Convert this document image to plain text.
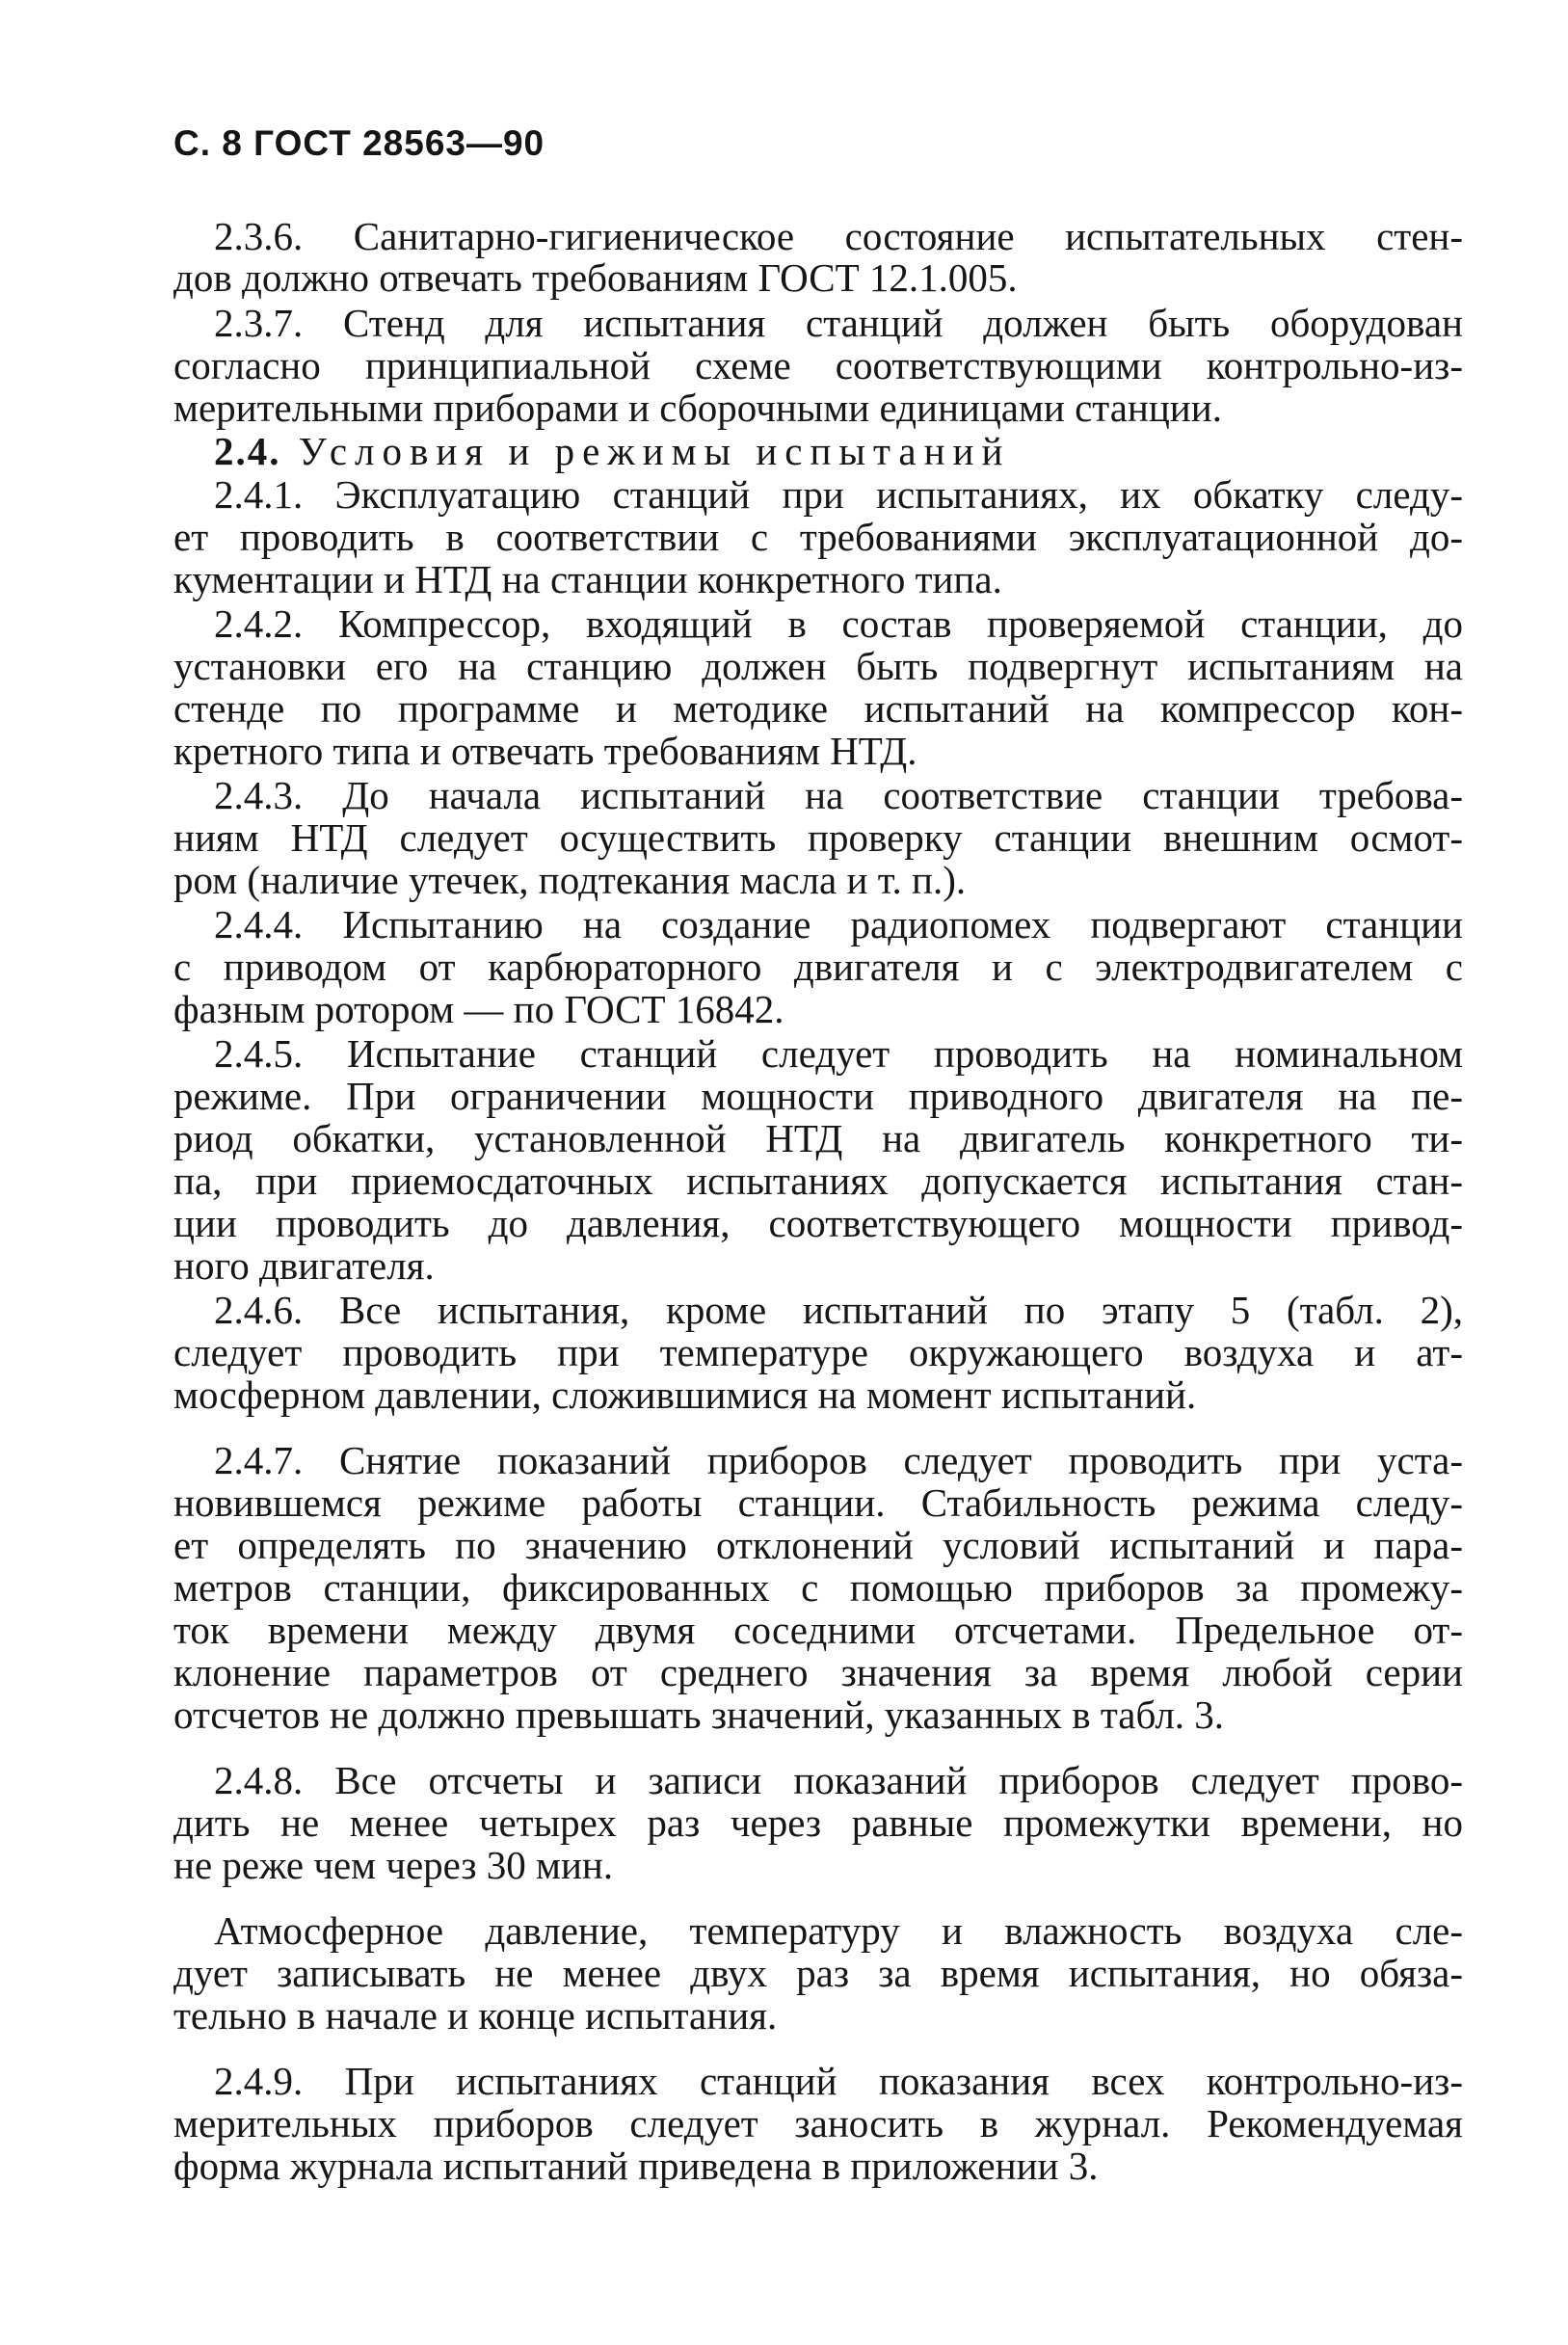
С. 8 ГОСТ 28563—90
2.3.6. Санитарно-гигиеническое состояние испытательных стен-
дов должно отвечать требованиям ГОСТ 12.1.005.
2.3.7. Стенд для испытания станций должен быть оборудован
согласно принципиальной схеме соответствующими контрольно-из-
мерительными приборами и сборочными единицами станции.
2.4. Условия и режимы испытаний
2.4.1. Эксплуатацию станций при испытаниях, их обкатку следу-
ет проводить в соответствии с требованиями эксплуатационной до-
кументации и НТД на станции конкретного типа.
2.4.2. Компрессор, входящий в состав проверяемой станции, до
установки его на станцию должен быть подвергнут испытаниям на
стенде по программе и методике испытаний на компрессор кон-
кретного типа и отвечать требованиям НТД.
2.4.3. До начала испытаний на соответствие станции требова-
ниям НТД следует осуществить проверку станции внешним осмот-
ром (наличие утечек, подтекания масла и т. п.).
2.4.4. Испытанию на создание радиопомех подвергают станции
с приводом от карбюраторного двигателя и с электродвигателем с
фазным ротором — по ГОСТ 16842.
2.4.5. Испытание станций следует проводить на номинальном
режиме. При ограничении мощности приводного двигателя на пе-
риод обкатки, установленной НТД на двигатель конкретного ти-
па, при приемосдаточных испытаниях допускается испытания стан-
ции проводить до давления, соответствующего мощности привод-
ного двигателя.
2.4.6. Все испытания, кроме испытаний по этапу 5 (табл. 2),
следует проводить при температуре окружающего воздуха и ат-
мосферном давлении, сложившимися на момент испытаний.
2.4.7. Снятие показаний приборов следует проводить при уста-
новившемся режиме работы станции. Стабильность режима следу-
ет определять по значению отклонений условий испытаний и пара-
метров станции, фиксированных с помощью приборов за промежу-
ток времени между двумя соседними отсчетами. Предельное от-
клонение параметров от среднего значения за время любой серии
отсчетов не должно превышать значений, указанных в табл. 3.
2.4.8. Все отсчеты и записи показаний приборов следует прово-
дить не менее четырех раз через равные промежутки времени, но
не реже чем через 30 мин.
Атмосферное давление, температуру и влажность воздуха сле-
дует записывать не менее двух раз за время испытания, но обяза-
тельно в начале и конце испытания.
2.4.9. При испытаниях станций показания всех контрольно-из-
мерительных приборов следует заносить в журнал. Рекомендуемая
форма журнала испытаний приведена в приложении 3.
